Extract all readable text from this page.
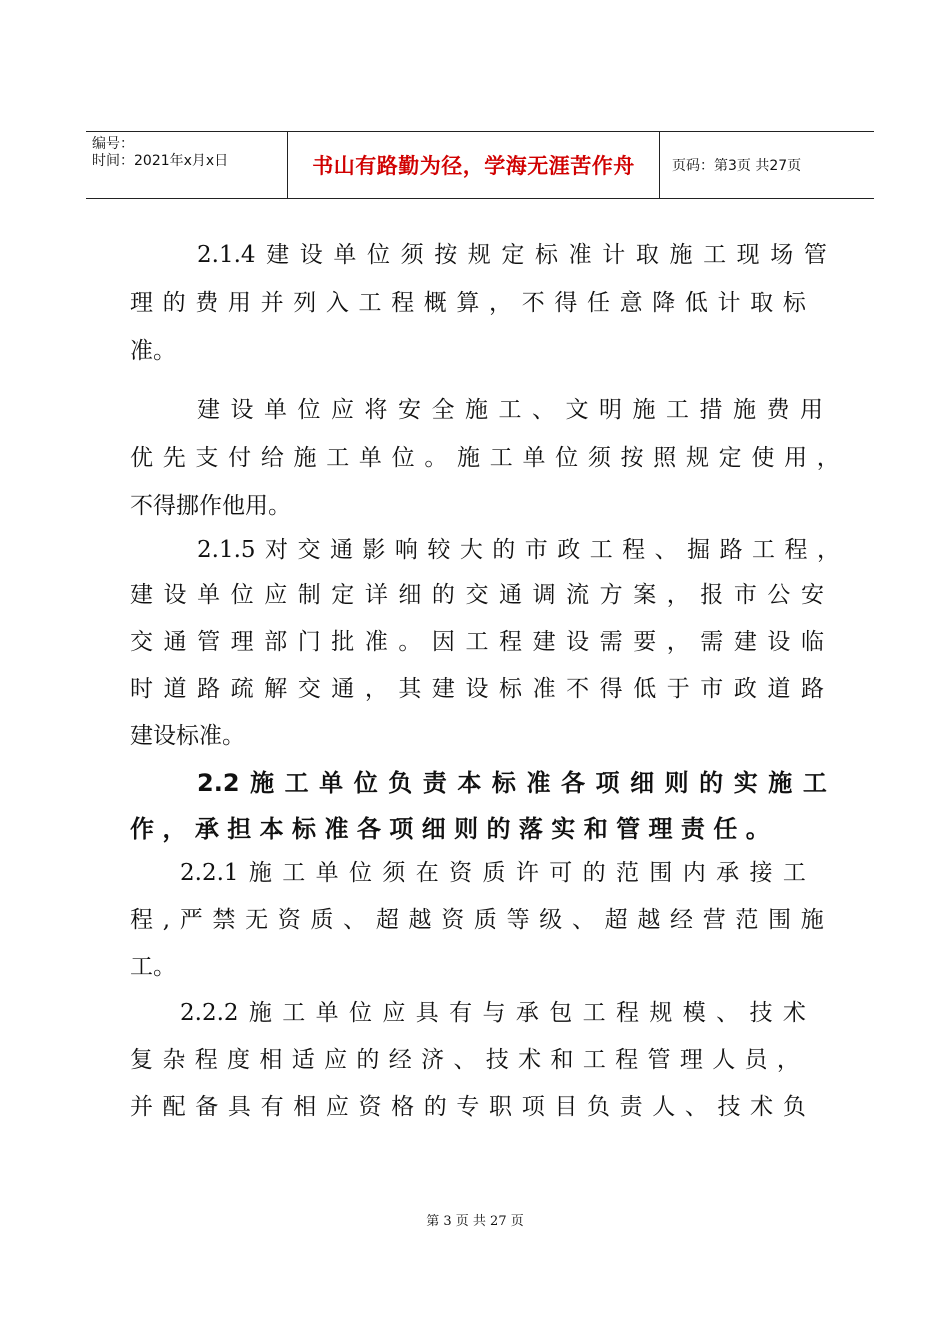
编号：
时间：2021年x月x日	书山有路勤为径，学海无涯苦作舟	页码：第3页 共27页
2.1.4 建 设 单 位 须 按 规 定 标 准 计 取 施 工 现 场 管
理 的 费 用 并 列 入 工 程 概 算 ， 不 得 任 意 降 低 计 取 标
准。
建 设 单 位 应 将 安 全 施 工 、 文 明 施 工 措 施 费 用
优 先 支 付 给 施 工 单 位 。 施 工 单 位 须 按 照 规 定 使 用 ，
不得挪作他用。
2.1.5 对 交 通 影 响 较 大 的 市 政 工 程 、 掘 路 工 程 ，
建 设 单 位 应 制 定 详 细 的 交 通 调 流 方 案 ， 报 市 公 安
交 通 管 理 部 门 批 准 。 因 工 程 建 设 需 要 ， 需 建 设 临
时 道 路 疏 解 交 通 ， 其 建 设 标 准 不 得 低 于 市 政 道 路
建设标准。
2.2 施 工 单 位 负 责 本 标 准 各 项 细 则 的 实 施 工
作 ， 承 担 本 标 准 各 项 细 则 的 落 实 和 管 理 责 任 。
2.2.1 施 工 单 位 须 在 资 质 许 可 的 范 围 内 承 接 工
程 , 严 禁 无 资 质 、 超 越 资 质 等 级 、 超 越 经 营 范 围 施
工。
2.2.2 施 工 单 位 应 具 有 与 承 包 工 程 规 模 、 技 术
复 杂 程 度 相 适 应 的 经 济 、 技 术 和 工 程 管 理 人 员 ，
并 配 备 具 有 相 应 资 格 的 专 职 项 目 负 责 人 、 技 术 负
第 3 页 共 27 页
